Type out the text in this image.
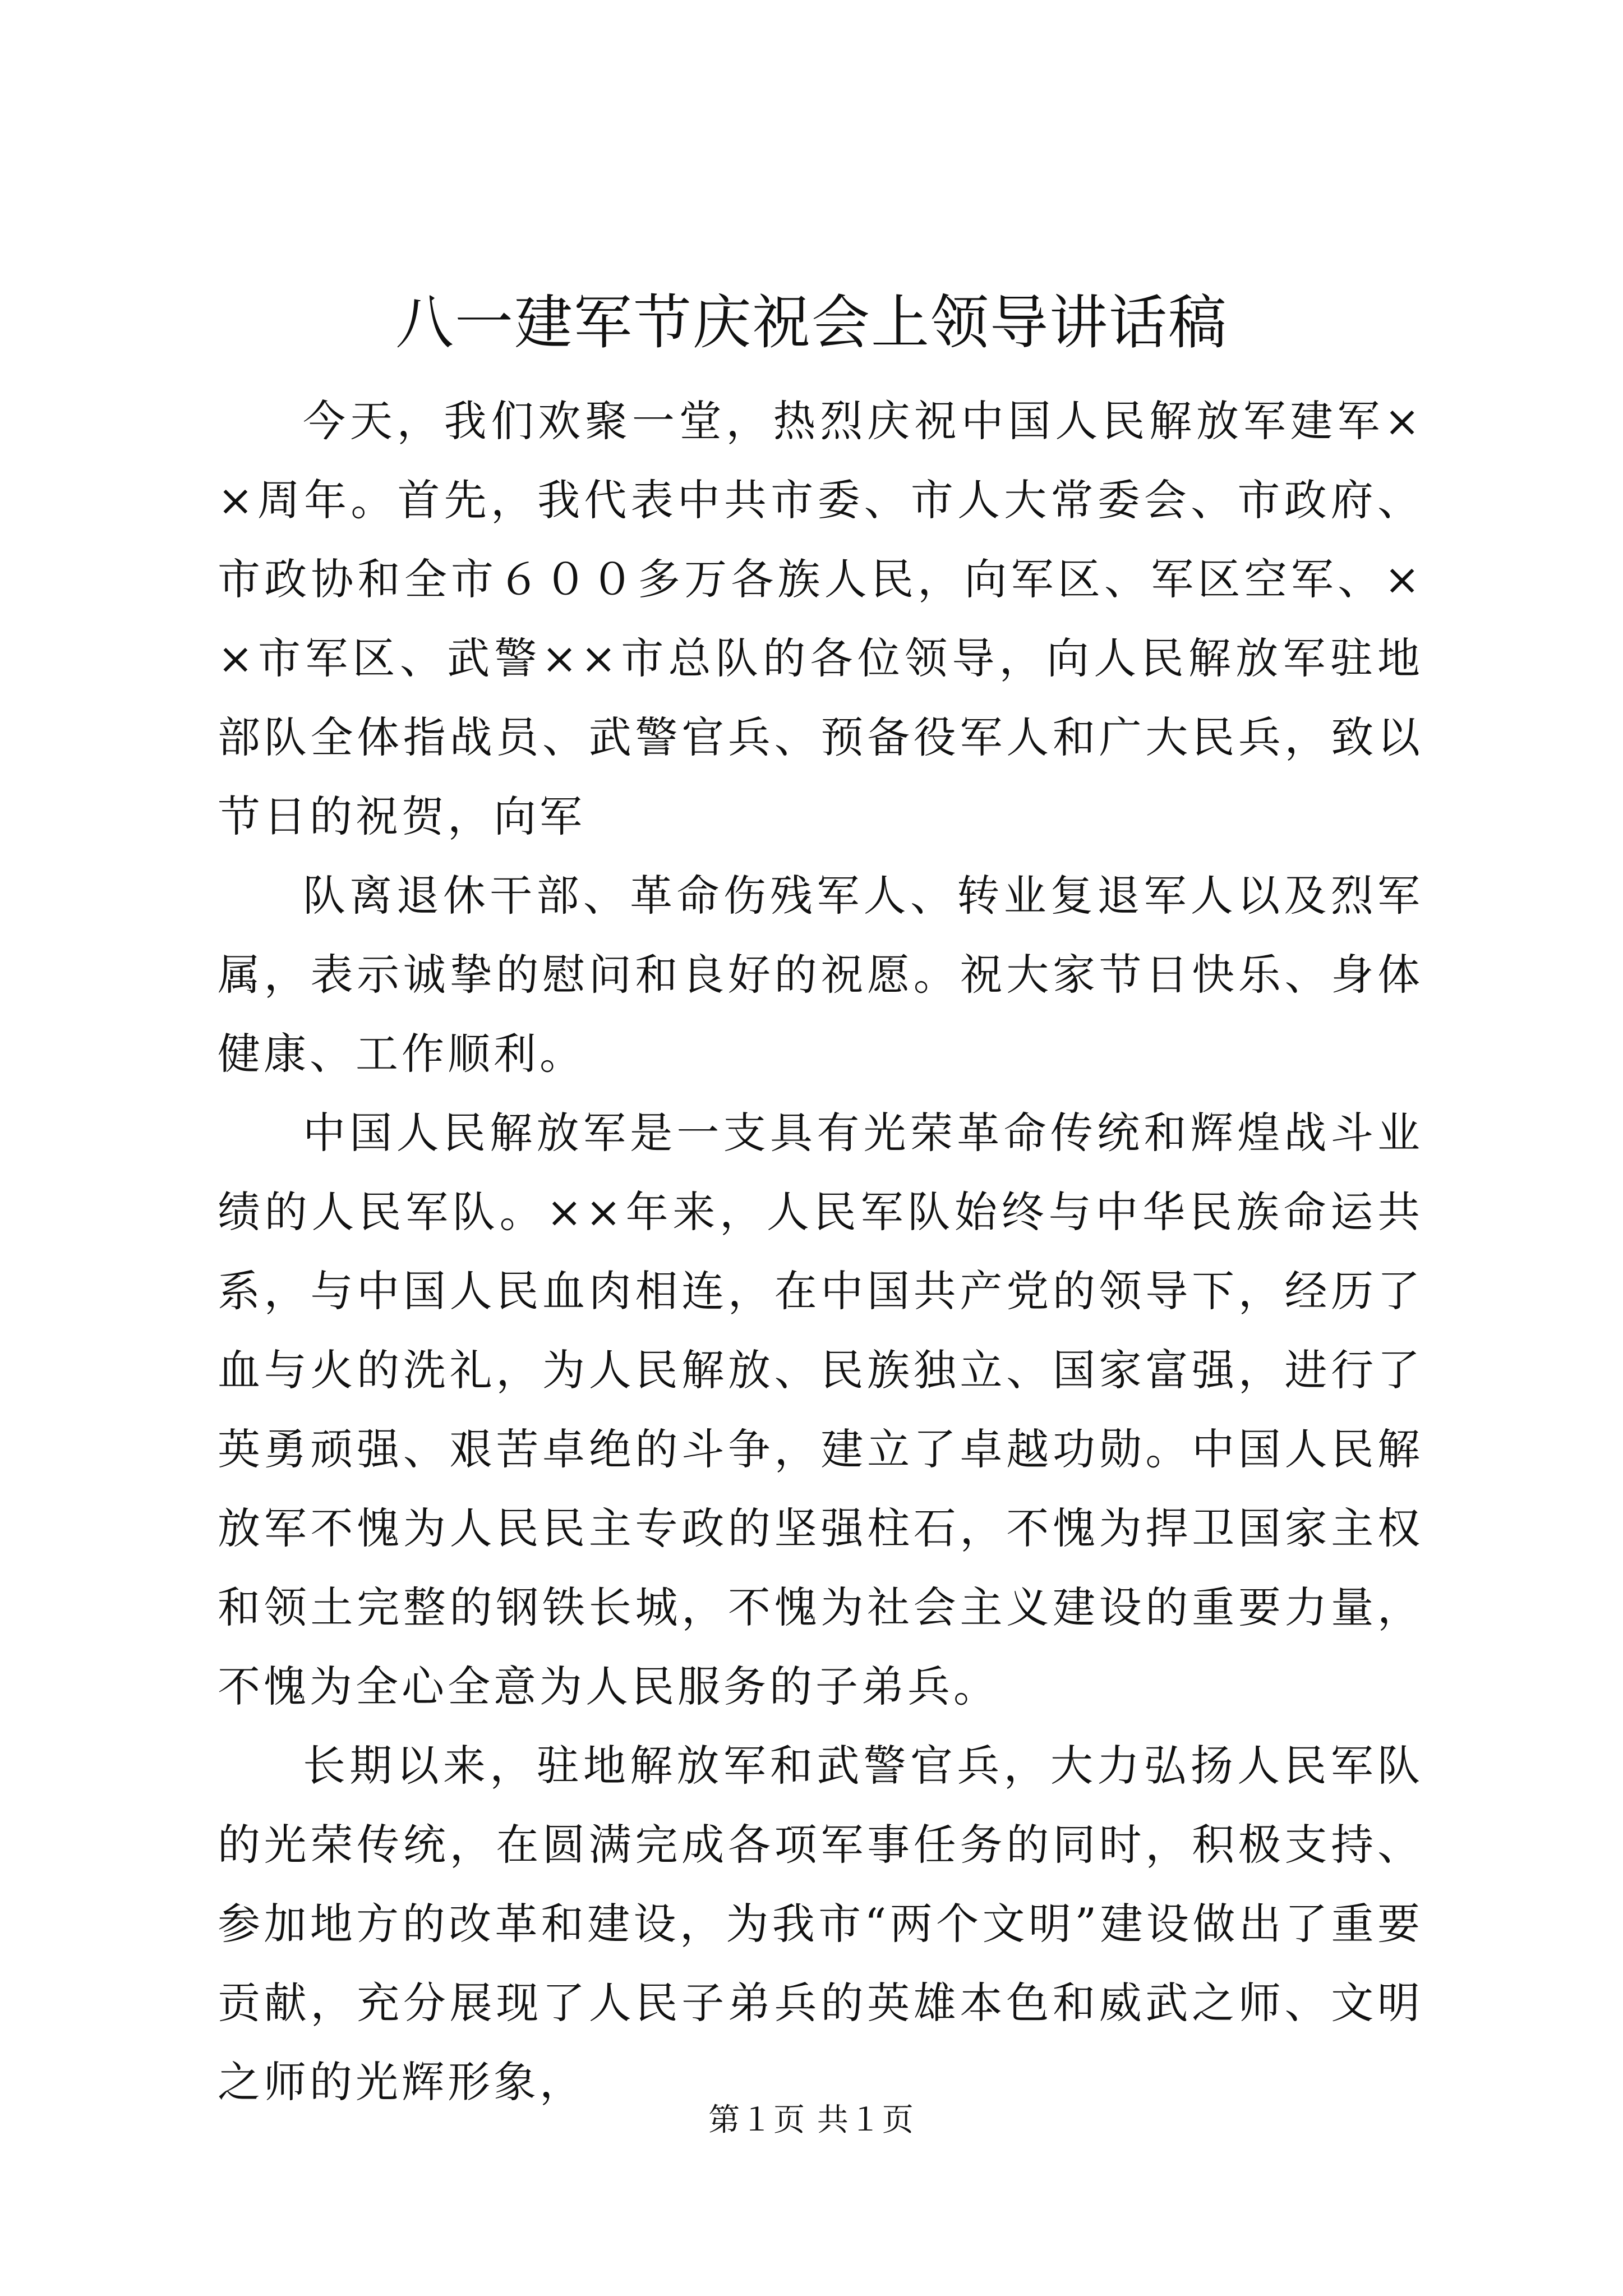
八一建军节庆祝会上领导讲话稿

今天，我们欢聚一堂，热烈庆祝中国人民解放军建军××周年。首先，我代表中共市委、市人大常委会、市政府、市政协和全市６００多万各族人民，向军区、军区空军、××市军区、武警××市总队的各位领导，向人民解放军驻地部队全体指战员、武警官兵、预备役军人和广大民兵，致以节日的祝贺，向军

队离退休干部、革命伤残军人、转业复退军人以及烈军属，表示诚挚的慰问和良好的祝愿。祝大家节日快乐、身体健康、工作顺利。

中国人民解放军是一支具有光荣革命传统和辉煌战斗业绩的人民军队。××年来，人民军队始终与中华民族命运共系，与中国人民血肉相连，在中国共产党的领导下，经历了血与火的洗礼，为人民解放、民族独立、国家富强，进行了英勇顽强、艰苦卓绝的斗争，建立了卓越功勋。中国人民解放军不愧为人民民主专政的坚强柱石，不愧为捍卫国家主权和领土完整的钢铁长城，不愧为社会主义建设的重要力量，不愧为全心全意为人民服务的子弟兵。

长期以来，驻地解放军和武警官兵，大力弘扬人民军队的光荣传统，在圆满完成各项军事任务的同时，积极支持、参加地方的改革和建设，为我市“两个文明”建设做出了重要贡献，充分展现了人民子弟兵的英雄本色和威武之师、文明之师的光辉形象，

第１页 共１页
